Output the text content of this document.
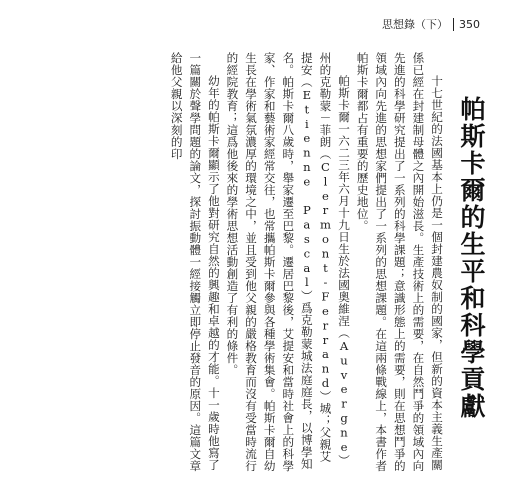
思想錄（下） 350
帕斯卡爾的生平和科學貢獻

十七世紀的法國基本上仍是一個封建農奴制的國家，但新的資本主義生產關係已經在封建制母體之內開始滋長。生產技術上的需要，在自然鬥爭的領域內向先進的科學研究提出了一系列的科學課題；意識形態上的需要，則在思想鬥爭的領域內向先進的思想家們提出了一系列的思想課題。在這兩條戰線上，本書作者帕斯卡爾都占有重要的歷史地位。

帕斯卡爾一六二三年六月十九日生於法國奧維涅（Auvergne）州的克勒蒙－菲朗（Clermont-Ferrand）城；父親艾提安（Etienne Pascal）爲克勒蒙城法庭庭長，以博學知名。帕斯卡爾八歲時，舉家遷至巴黎。遷居巴黎後，艾提安和當時社會上的科學家、作家和藝術家經常交往，也常攜帕斯卡爾參與各種學術集會。帕斯卡爾自幼生長在學術氣氛濃厚的環境之中，並且受到他父親的嚴格教育而沒有受當時流行的經院教育；這爲他後來的學術思想活動創造了有利的條件。

幼年的帕斯卡爾顯示了他對研究自然的興趣和卓越的才能。十一歲時他寫了一篇關於聲學問題的論文，探討振動體一經接觸立即停止發音的原因。這篇文章給他父親以深刻的印
